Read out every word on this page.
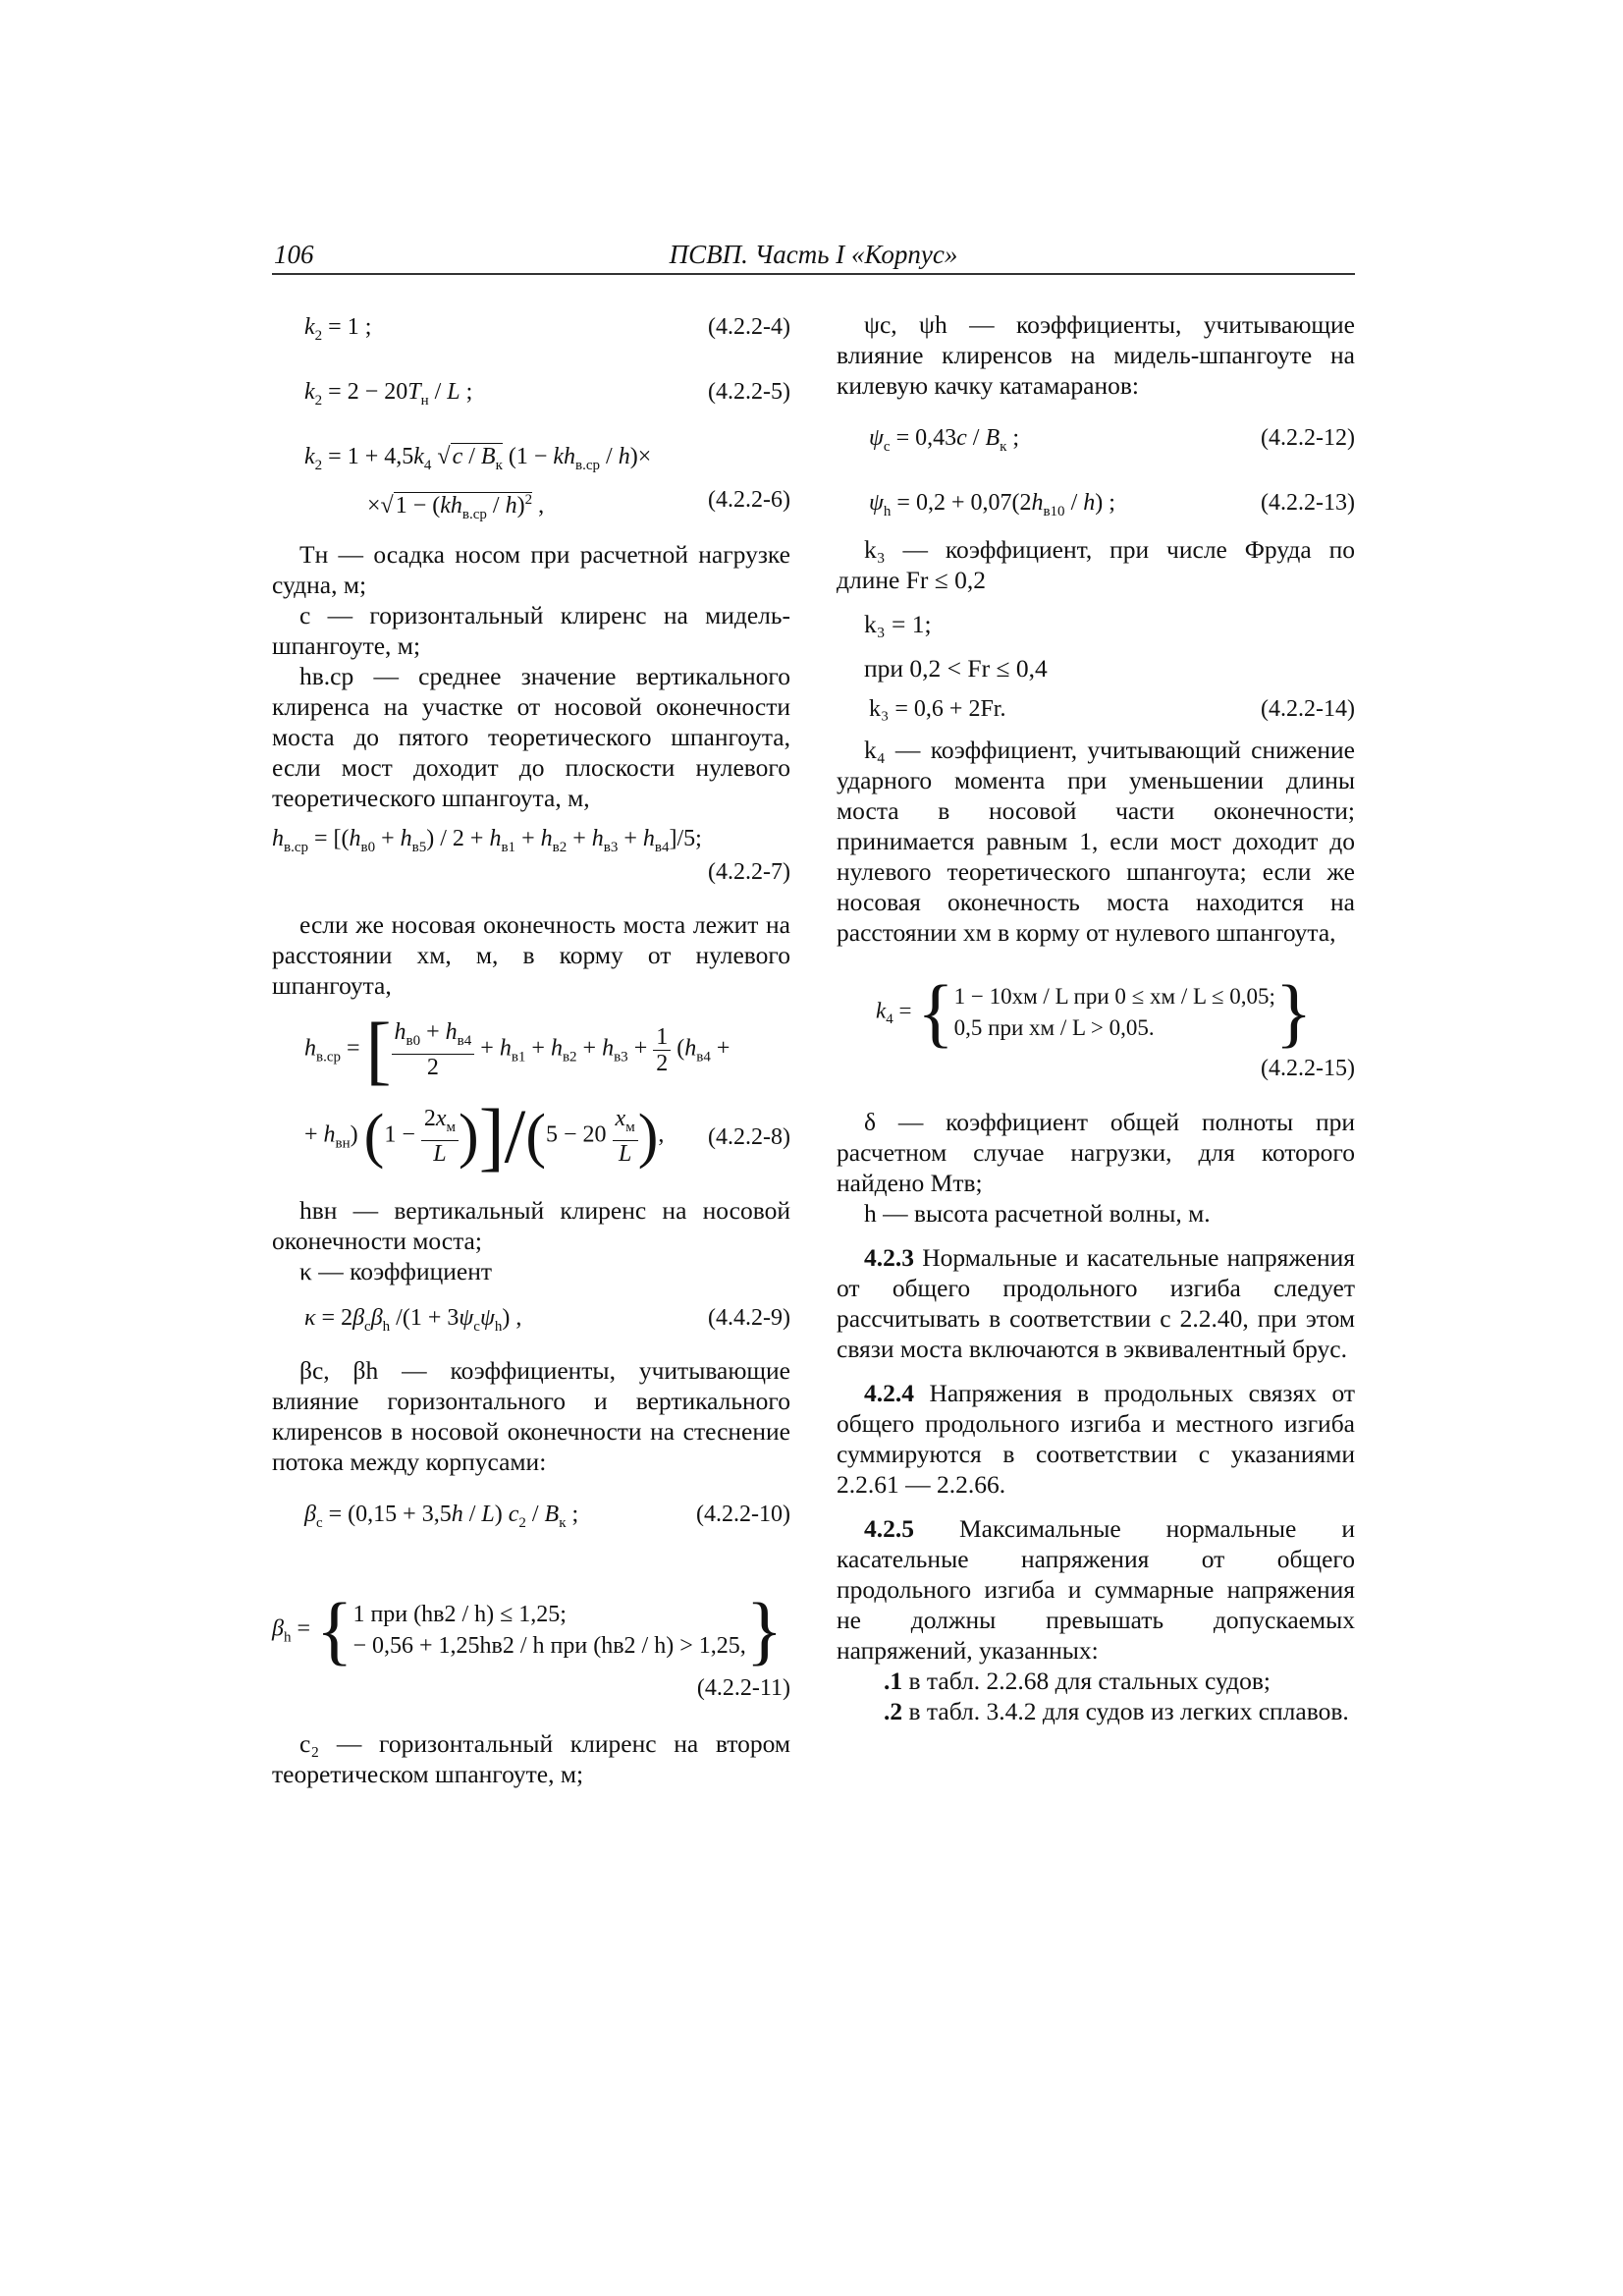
106	ПСВП. Часть I «Корпус»
$k_2 = 1$ ;	(4.2.2-4)
$k_2 = 2 - 20T_н / L$ ;	(4.2.2-5)
$k_2 = 1 + 4,5k_4$ $√c / B_к$ $(1 - kh_{в.ср} / h)\times$
$\times√1 - (kh_{в.ср} / h)^2$ ,	(4.2.2-6)

Tн — осадка носом при расчетной нагрузке судна, м;

c — горизонтальный клиренс на мидель-шпангоуте, м;

hв.ср — среднее значение вертикального клиренса на участке от носовой оконечности моста до пятого теоретического шпангоута, если мост доходит до плоскости нулевого теоретического шпангоута, м,

$h_{в.ср} = [(h_{в0} + h_{в5}) / 2 + h_{в1} + h_{в2} + h_{в3} + h_{в4}]/5$;
(4.2.2-7)

если же носовая оконечность моста лежит на расстоянии xм, м, в корму от нулевого шпангоута,

$h_{в.ср}$ = [ $\frac{h_{в0} + h_{в4}}{2} + h_{в1} + h_{в2} + h_{в3} + \frac{1}{2} (h_{в4}$ +
+ $h_{вн}$) $(1 - \frac{2x_м}{L} )]/(5 - 20 \frac{x_м}{L}$ ), (4.2.2-8)

hвн — вертикальный клиренс на носовой оконечности моста;

κ — коэффициент

$\kappa = 2\beta_c\beta_h$ $/(1 + 3\psi_c\psi_h)$ ,	(4.4.2-9)

βc, βh — коэффициенты, учитывающие влияние горизонтального и вертикального клиренсов в носовой оконечности на стеснение потока между корпусами:

$\beta_c = (0,15 + 3,5h / L)$ $c_2 / B_к$ ;	(4.2.2-10)
$\beta_h$ = { 1 при (hв2 / h) ≤ 1,25;
− 0,56 + 1,25hв2 / h при (hв2 / h) > 1,25, }
(4.2.2-11)

c₂ — горизонтальный клиренс на втором теоретическом шпангоуте, м;

ψc, ψh — коэффициенты, учитывающие влияние клиренсов на мидель-шпангоуте на килевую качку катамаранов:

$\psi_c = 0,43c / B_к$ ;	(4.2.2-12)
$\psi_h = 0,2 + 0,07(2h_{в10} / h)$ ;	(4.2.2-13)

k₃ — коэффициент, при числе Фруда по длине Fr ≤ 0,2

k₃ = 1;

при 0,2 < Fr ≤ 0,4

k₃ = 0,6 + 2Fr.	(4.2.2-14)

k₄ — коэффициент, учитывающий снижение ударного момента при уменьшении длины моста в носовой части оконечности; принимается равным 1, если мост доходит до нулевого теоретического шпангоута; если же носовая оконечность моста находится на расстоянии xм в корму от нулевого шпангоута,

$k_4$ = { 1 − 10xм / L при 0 ≤ xм / L ≤ 0,05;
0,5 при xм / L > 0,05.	}
(4.2.2-15)

δ — коэффициент общей полноты при расчетном случае нагрузки, для которого найдено Mтв;

h — высота расчетной волны, м.

4.2.3 Нормальные и касательные напряжения от общего продольного изгиба следует рассчитывать в соответствии с 2.2.40, при этом связи моста включаются в эквивалентный брус.

4.2.4 Напряжения в продольных связях от общего продольного изгиба и местного изгиба суммируются в соответствии с указаниями 2.2.61 — 2.2.66.

4.2.5 Максимальные нормальные и касательные напряжения от общего продольного изгиба и суммарные напряжения не должны превышать допускаемых напряжений, указанных:

.1 в табл. 2.2.68 для стальных судов;

.2 в табл. 3.4.2 для судов из легких сплавов.
